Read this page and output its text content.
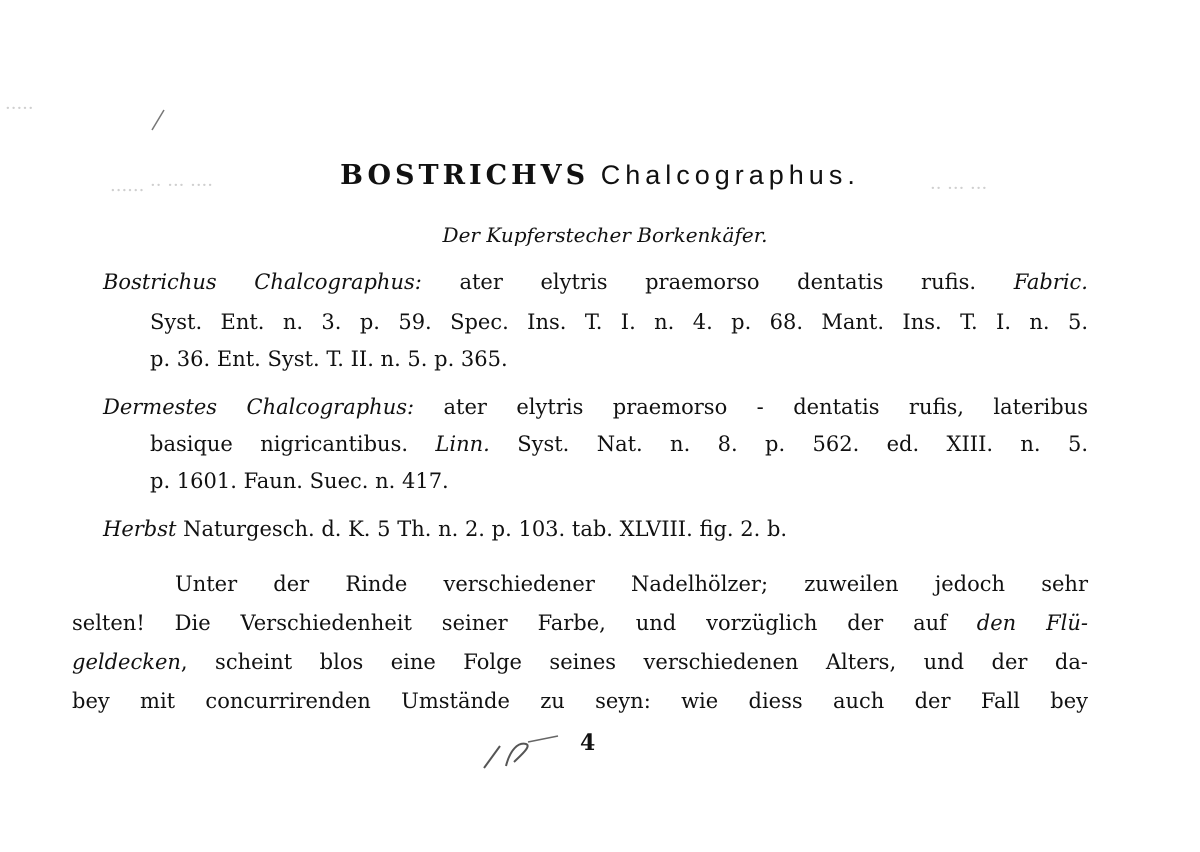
...... ·· ··· ····	·· ··· ···
·····
BOSTRICHVS Chalcographus.
Der Kupferstecher Borkenkäfer.
Bostrichus Chalcographus: ater elytris praemorso dentatis rufis. Fabric.
Syst. Ent. n. 3. p. 59. Spec. Ins. T. I. n. 4. p. 68. Mant. Ins. T. I. n. 5.
p. 36. Ent. Syst. T. II. n. 5. p. 365.
Dermestes Chalcographus: ater elytris praemorso - dentatis rufis, lateribus
basique nigricantibus. Linn. Syst. Nat. n. 8. p. 562. ed. XIII. n. 5.
p. 1601. Faun. Suec. n. 417.
Herbst Naturgesch. d. K. 5 Th. n. 2. p. 103. tab. XLVIII. fig. 2. b.
Unter der Rinde verschiedener Nadelhölzer; zuweilen jedoch sehr
selten! Die Verschiedenheit seiner Farbe, und vorzüglich der auf den Flü-
geldecken, scheint blos eine Folge seines verschiedenen Alters, und der da-
bey mit concurrirenden Umstände zu seyn: wie diess auch der Fall bey
4
